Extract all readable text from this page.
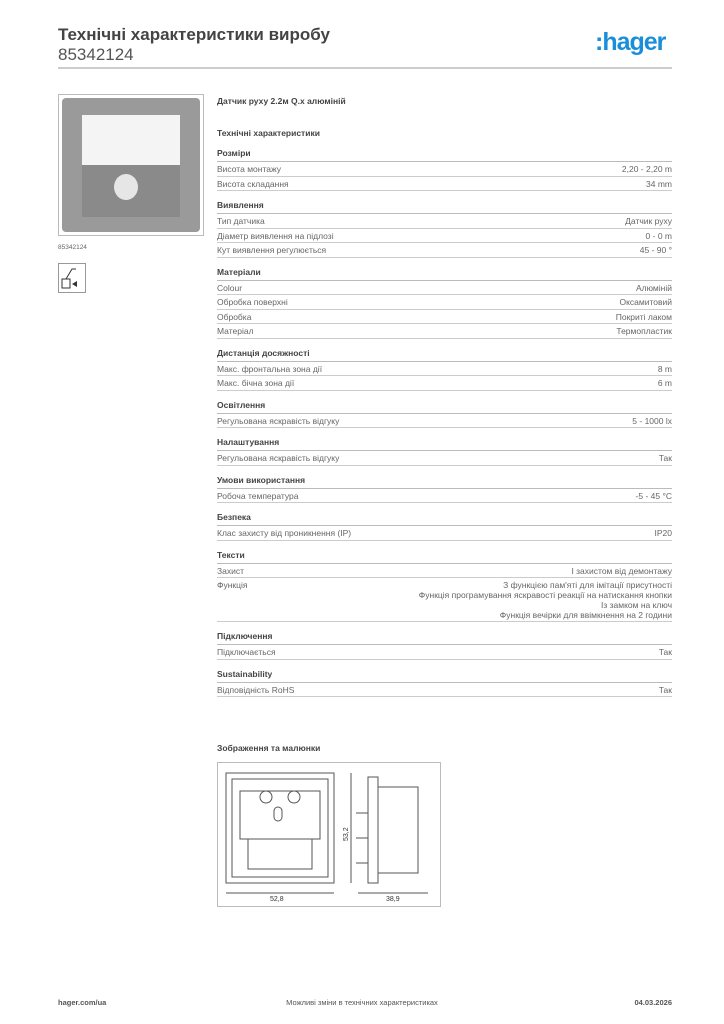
Технічні характеристики виробу
85342124	:hager
85342124
Датчик руху 2.2м Q.x алюміній
Технічні характеристики
Розміри
Висота монтажу	2,20 - 2,20 m
Висота складання	34 mm
Виявлення
Тип датчика	Датчик руху
Діаметр виявлення на підлозі	0 - 0 m
Кут виявлення регулюється	45 - 90 °
Матеріали
Colour	Алюміній
Обробка поверхні	Оксамитовий
Обробка	Покриті лаком
Матеріал	Термопластик
Дистанція досяжності
Макс. фронтальна зона дії	8 m
Макс. бічна зона дії	6 m
Освітлення
Регульована яскравість відгуку	5 - 1000 lx
Налаштування
Регульована яскравість відгуку	Так
Умови використання
Робоча температура	-5 - 45 °C
Безпека
Клас захисту від проникнення (IP)	IP20
Тексти
Захист	І захистом від демонтажу
Функція	З функцією пам'яті для імітації присутності
Функція програмування яскравості реакції на натискання кнопки
Із замком на ключ
Функція вечірки для ввімкнення на 2 години
Підключення
Підключається	Так
Sustainability
Відповідність RoHS	Так
Зображення та малюнки
52,8
53,2
38,9
hager.com/ua	Можливі зміни в технічних характеристиках	04.03.2026
